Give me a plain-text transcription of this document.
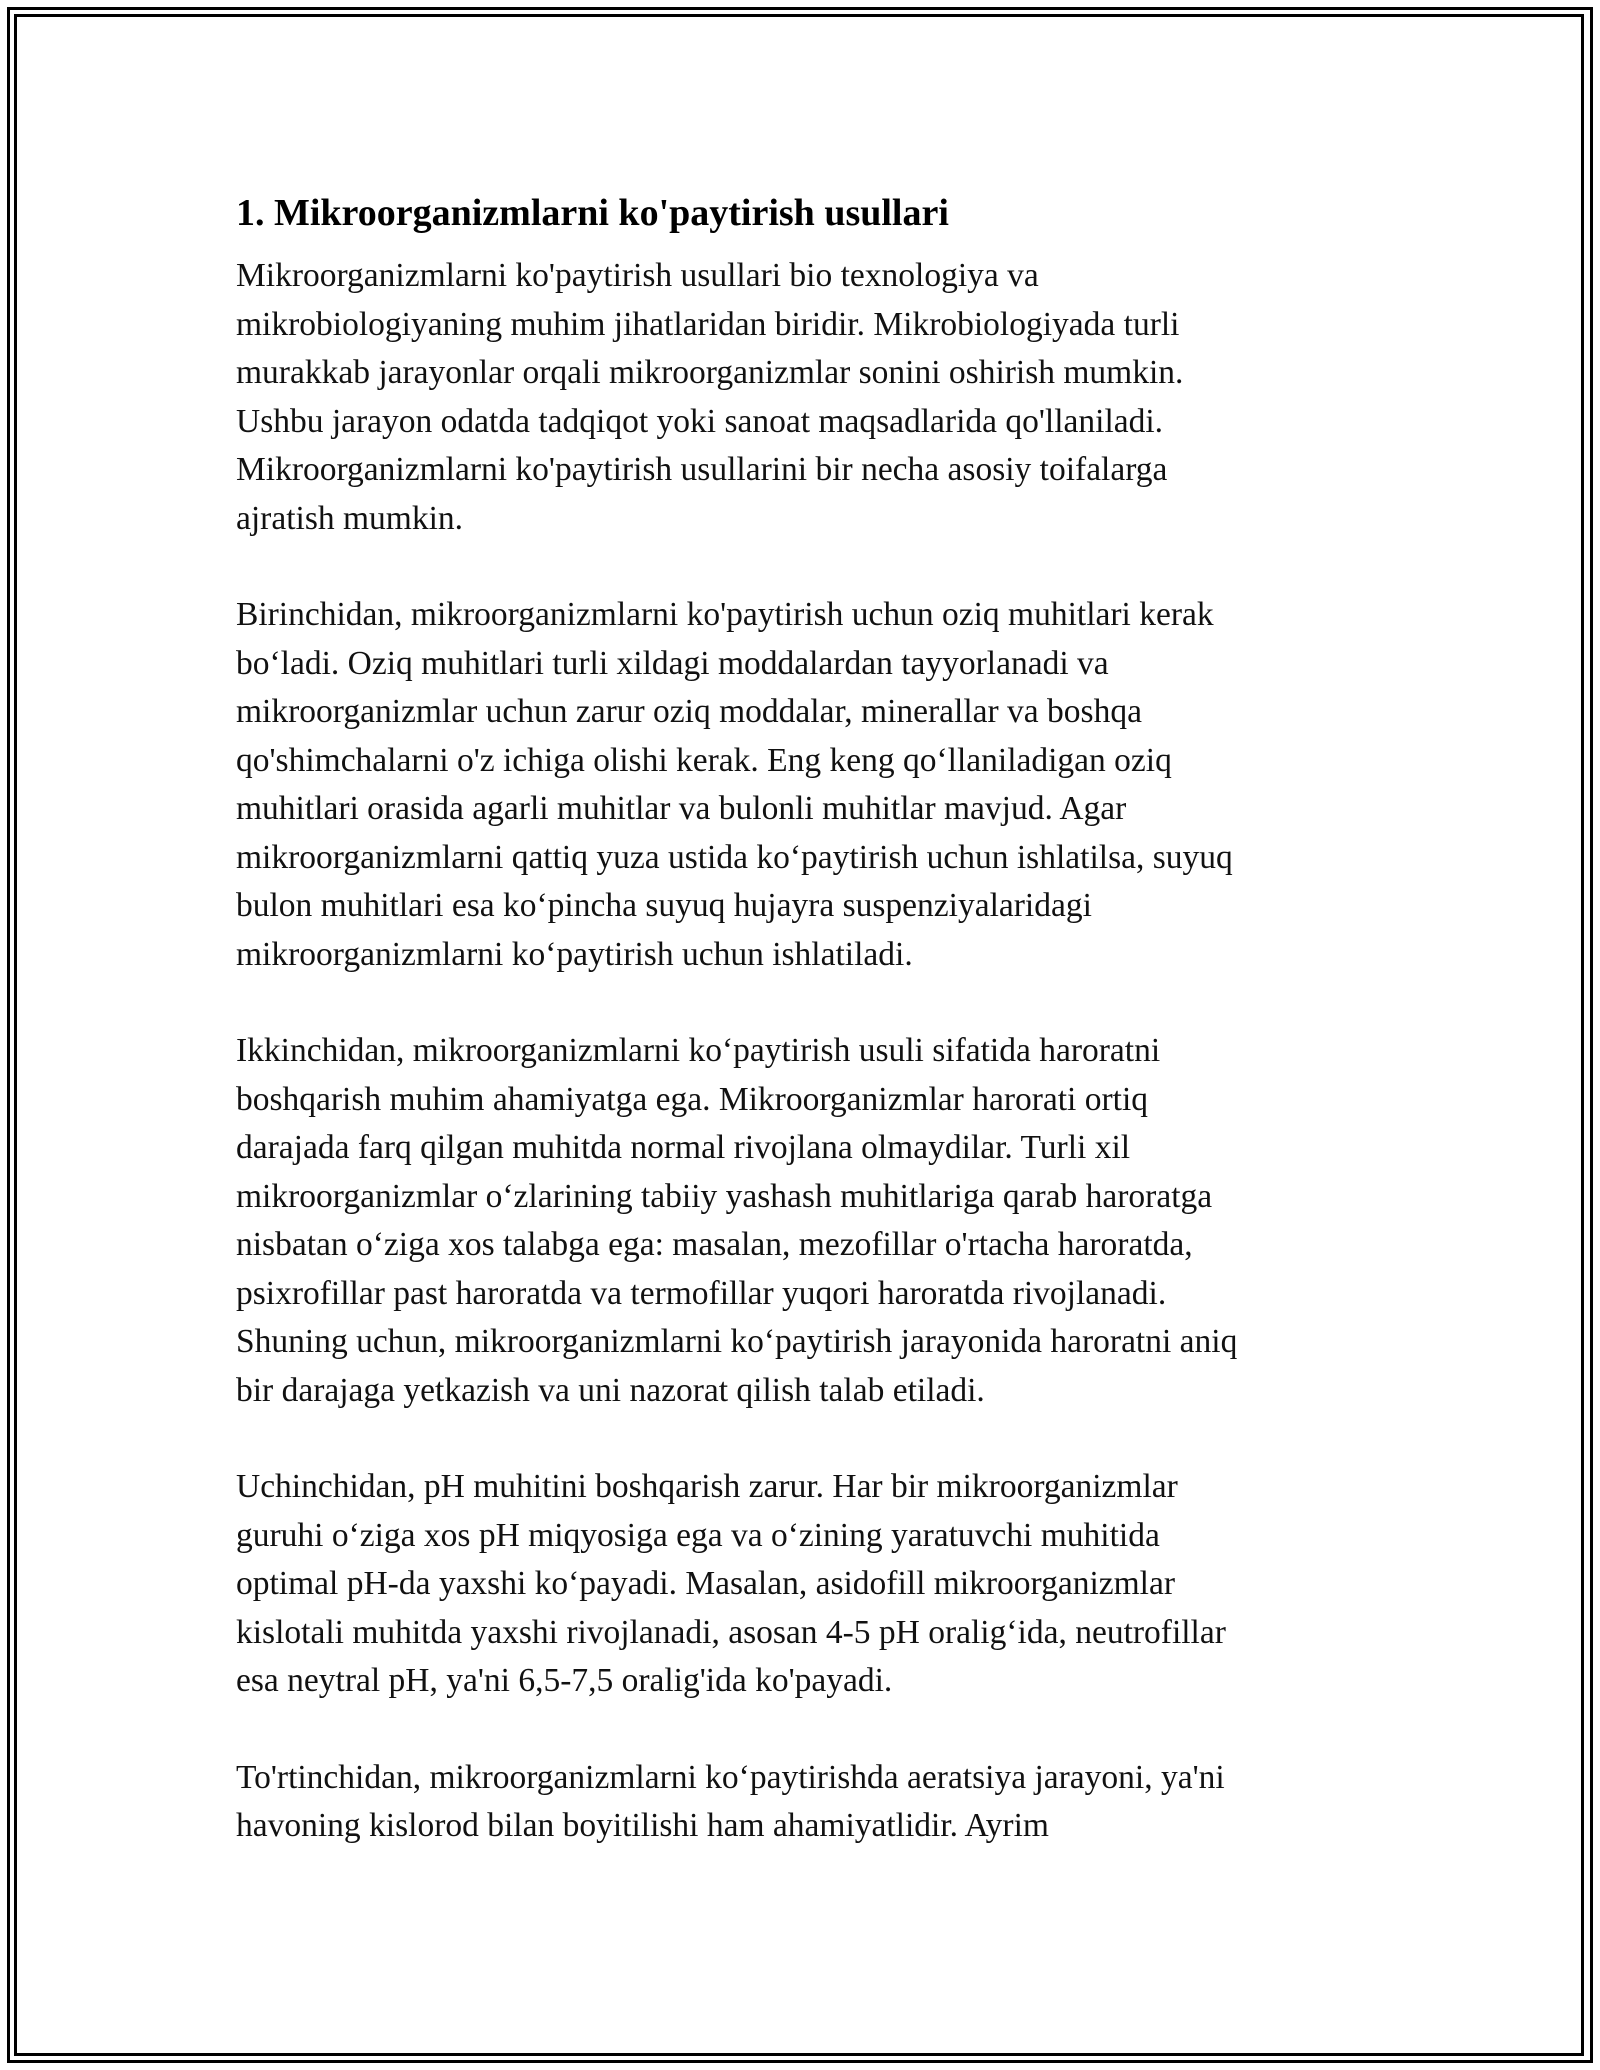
1. Mikroorganizmlarni ko'paytirish usullari

Mikroorganizmlarni ko'paytirish usullari bio texnologiya va
mikrobiologiyaning muhim jihatlaridan biridir. Mikrobiologiyada turli
murakkab jarayonlar orqali mikroorganizmlar sonini oshirish mumkin.
Ushbu jarayon odatda tadqiqot yoki sanoat maqsadlarida qo'llaniladi.
Mikroorganizmlarni ko'paytirish usullarini bir necha asosiy toifalarga
ajratish mumkin.

Birinchidan, mikroorganizmlarni ko'paytirish uchun oziq muhitlari kerak
bo‘ladi. Oziq muhitlari turli xildagi moddalardan tayyorlanadi va
mikroorganizmlar uchun zarur oziq moddalar, minerallar va boshqa
qo'shimchalarni o'z ichiga olishi kerak. Eng keng qo‘llaniladigan oziq
muhitlari orasida agarli muhitlar va bulonli muhitlar mavjud. Agar
mikroorganizmlarni qattiq yuza ustida ko‘paytirish uchun ishlatilsa, suyuq
bulon muhitlari esa ko‘pincha suyuq hujayra suspenziyalaridagi
mikroorganizmlarni ko‘paytirish uchun ishlatiladi.

Ikkinchidan, mikroorganizmlarni ko‘paytirish usuli sifatida haroratni
boshqarish muhim ahamiyatga ega. Mikroorganizmlar harorati ortiq
darajada farq qilgan muhitda normal rivojlana olmaydilar. Turli xil
mikroorganizmlar o‘zlarining tabiiy yashash muhitlariga qarab haroratga
nisbatan o‘ziga xos talabga ega: masalan, mezofillar o'rtacha haroratda,
psixrofillar past haroratda va termofillar yuqori haroratda rivojlanadi.
Shuning uchun, mikroorganizmlarni ko‘paytirish jarayonida haroratni aniq
bir darajaga yetkazish va uni nazorat qilish talab etiladi.

Uchinchidan, pH muhitini boshqarish zarur. Har bir mikroorganizmlar
guruhi o‘ziga xos pH miqyosiga ega va o‘zining yaratuvchi muhitida
optimal pH-da yaxshi ko‘payadi. Masalan, asidofill mikroorganizmlar
kislotali muhitda yaxshi rivojlanadi, asosan 4-5 pH oralig‘ida, neutrofillar
esa neytral pH, ya'ni 6,5-7,5 oralig'ida ko'payadi.

To'rtinchidan, mikroorganizmlarni ko‘paytirishda aeratsiya jarayoni, ya'ni
havoning kislorod bilan boyitilishi ham ahamiyatlidir. Ayrim
